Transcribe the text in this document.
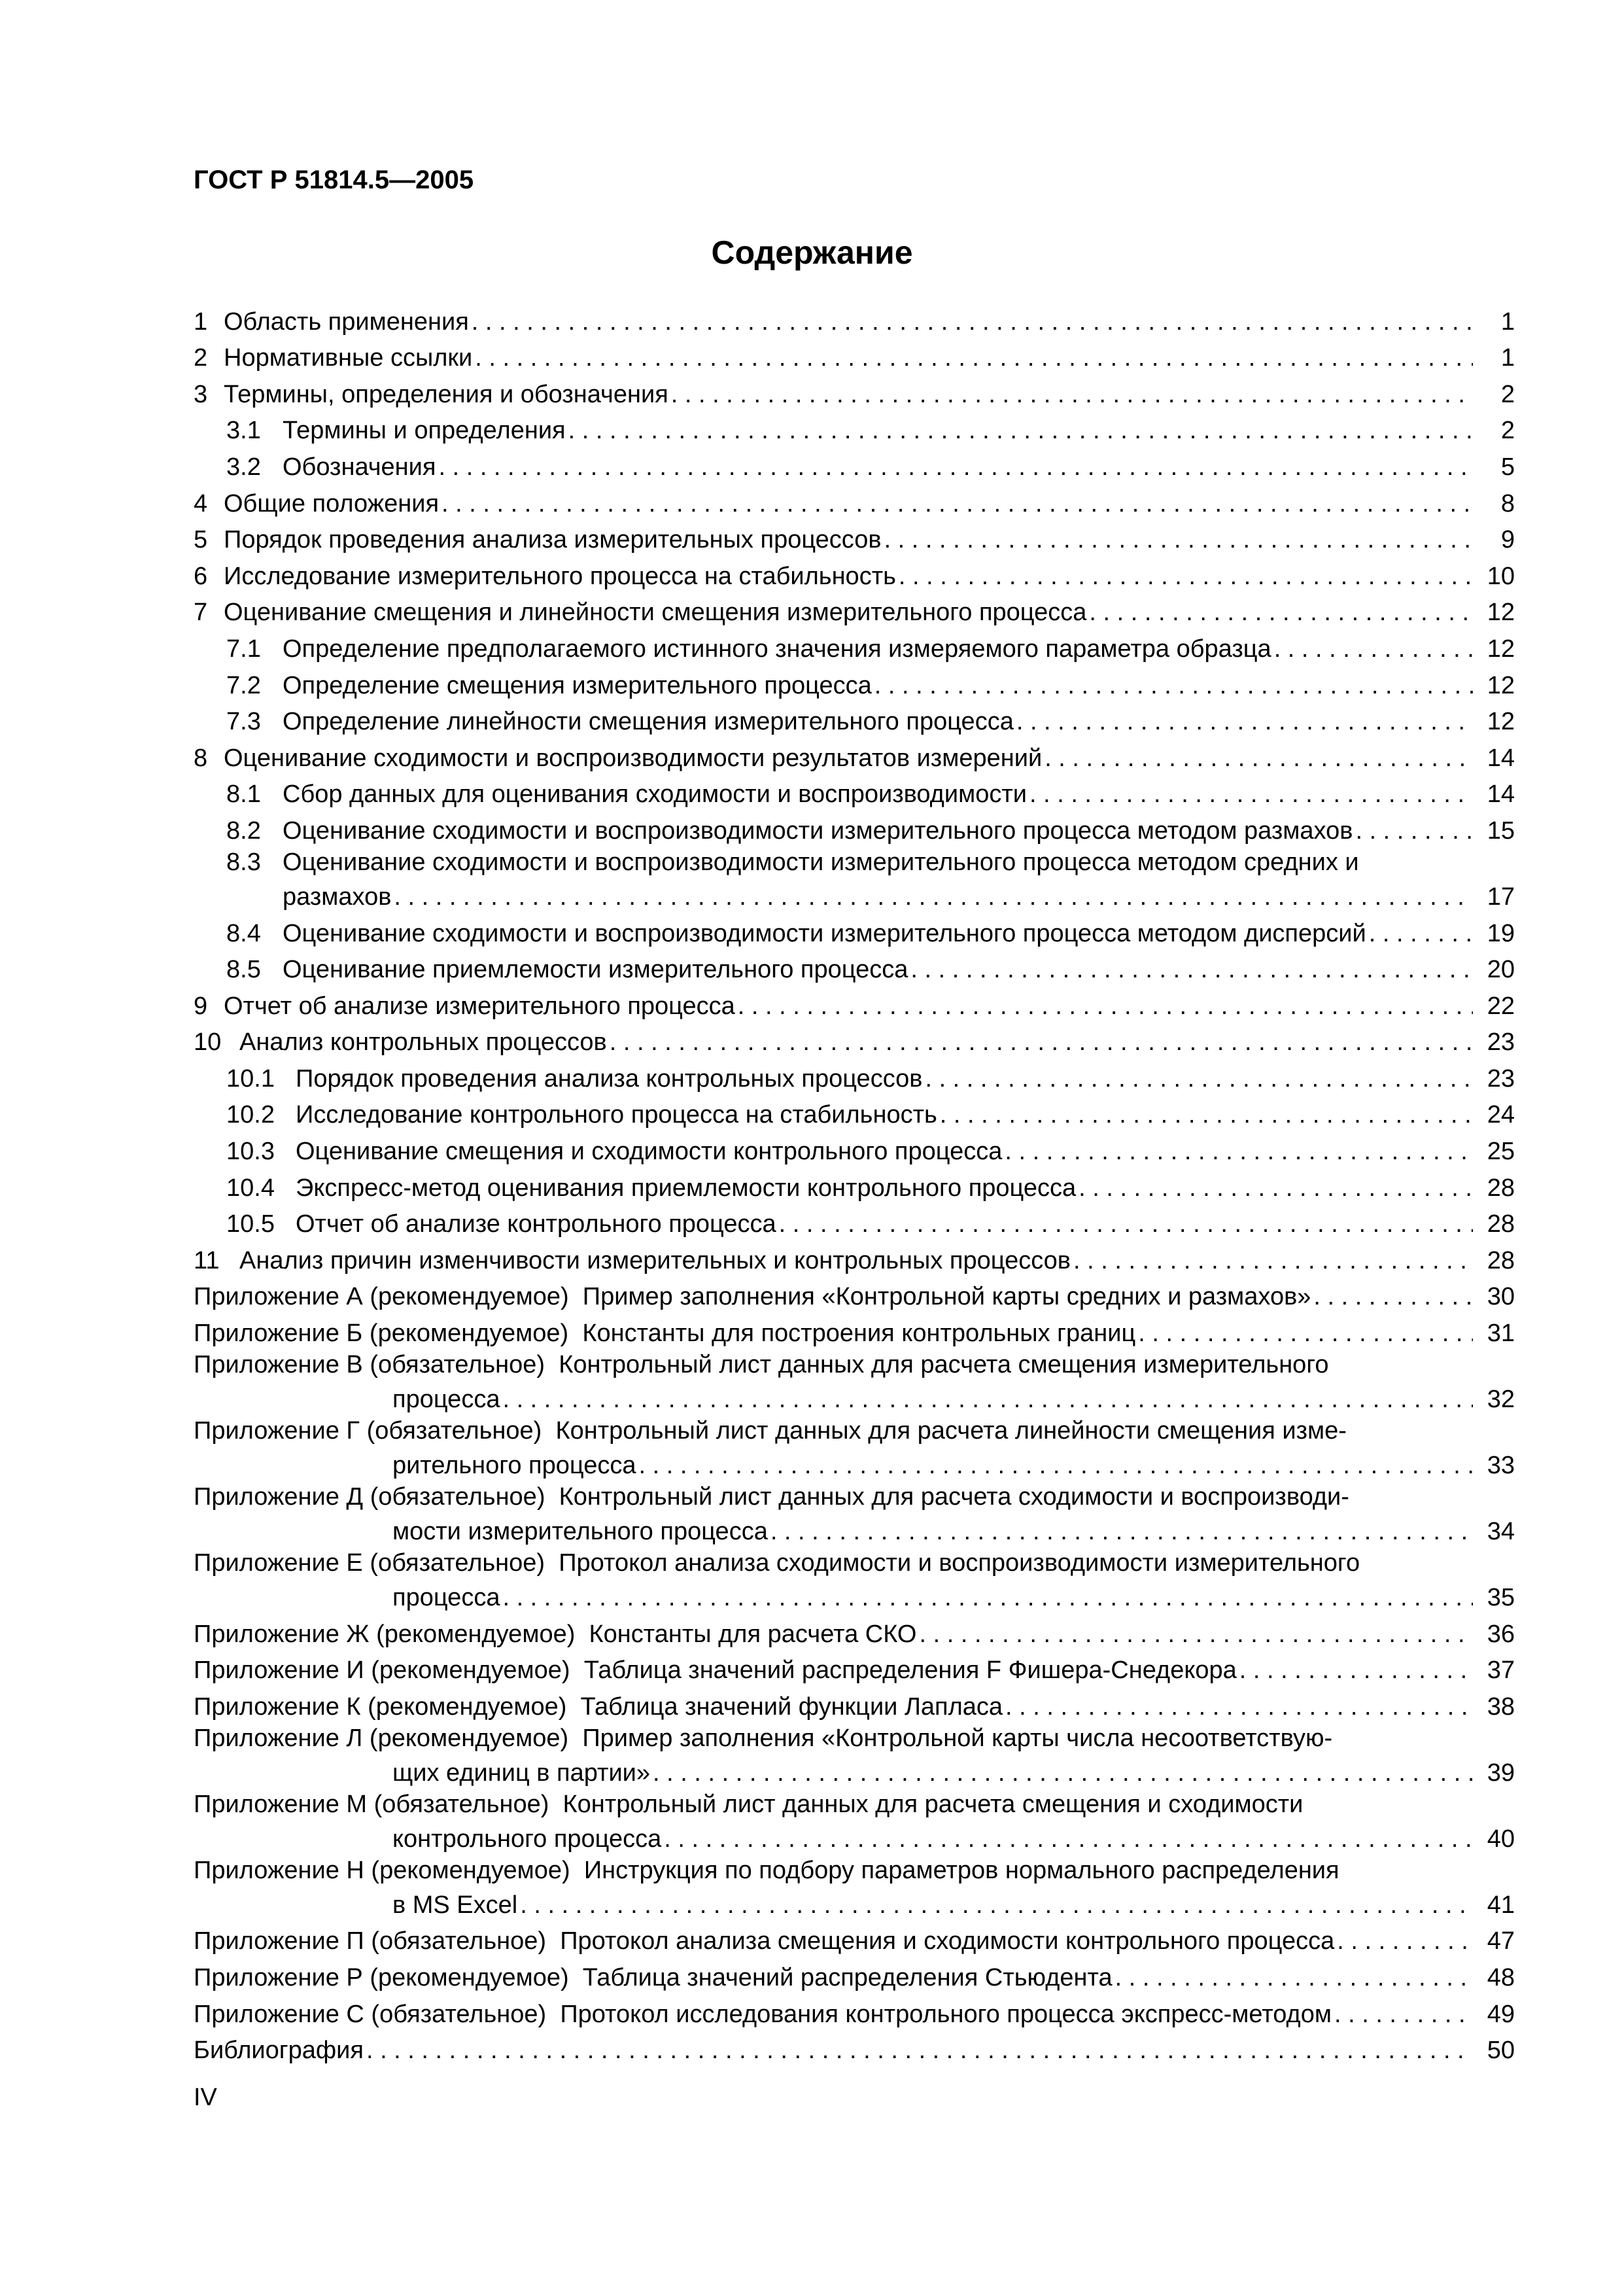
ГОСТ Р 51814.5—2005
Содержание
1 Область применения . . .	1
2 Нормативные ссылки . . .	1
3 Термины, определения и обозначения . . .	2
3.1 Термины и определения . . .	2
3.2 Обозначения . . .	5
4 Общие положения . . .	8
5 Порядок проведения анализа измерительных процессов . . .	9
6 Исследование измерительного процесса на стабильность . . .	10
7 Оценивание смещения и линейности смещения измерительного процесса . . .	12
7.1 Определение предполагаемого истинного значения измеряемого параметра образца . . .	12
7.2 Определение смещения измерительного процесса . . .	12
7.3 Определение линейности смещения измерительного процесса . . .	12
8 Оценивание сходимости и воспроизводимости результатов измерений . . .	14
8.1 Сбор данных для оценивания сходимости и воспроизводимости . . .	14
8.2 Оценивание сходимости и воспроизводимости измерительного процесса методом размахов . . .	15
8.3 Оценивание сходимости и воспроизводимости измерительного процесса методом средних и
размахов . . .	17
8.4 Оценивание сходимости и воспроизводимости измерительного процесса методом дисперсий . . .	19
8.5 Оценивание приемлемости измерительного процесса . . .	20
9 Отчет об анализе измерительного процесса . . .	22
10 Анализ контрольных процессов . . .	23
10.1 Порядок проведения анализа контрольных процессов . . .	23
10.2 Исследование контрольного процесса на стабильность . . .	24
10.3 Оценивание смещения и сходимости контрольного процесса . . .	25
10.4 Экспресс-метод оценивания приемлемости контрольного процесса . . .	28
10.5 Отчет об анализе контрольного процесса . . .	28
11 Анализ причин изменчивости измерительных и контрольных процессов . . .	28
Приложение А (рекомендуемое) Пример заполнения «Контрольной карты средних и размахов» . . .	30
Приложение Б (рекомендуемое) Константы для построения контрольных границ . . .	31
Приложение В (обязательное) Контрольный лист данных для расчета смещения измерительного
процесса . . .	32
Приложение Г (обязательное) Контрольный лист данных для расчета линейности смещения изме-
рительного процесса . . .	33
Приложение Д (обязательное) Контрольный лист данных для расчета сходимости и воспроизводи-
мости измерительного процесса . . .	34
Приложение Е (обязательное) Протокол анализа сходимости и воспроизводимости измерительного
процесса . . .	35
Приложение Ж (рекомендуемое) Константы для расчета СКО . . .	36
Приложение И (рекомендуемое) Таблица значений распределения F Фишера-Снедекора . . .	37
Приложение К (рекомендуемое) Таблица значений функции Лапласа . . .	38
Приложение Л (рекомендуемое) Пример заполнения «Контрольной карты числа несоответствую-
щих единиц в партии» . . .	39
Приложение М (обязательное) Контрольный лист данных для расчета смещения и сходимости
контрольного процесса . . .	40
Приложение Н (рекомендуемое) Инструкция по подбору параметров нормального распределения
в MS Excel . . .	41
Приложение П (обязательное) Протокол анализа смещения и сходимости контрольного процесса . . .	47
Приложение Р (рекомендуемое) Таблица значений распределения Стьюдента . . .	48
Приложение С (обязательное) Протокол исследования контрольного процесса экспресс-методом . . .	49
Библиография . . .	50
IV
